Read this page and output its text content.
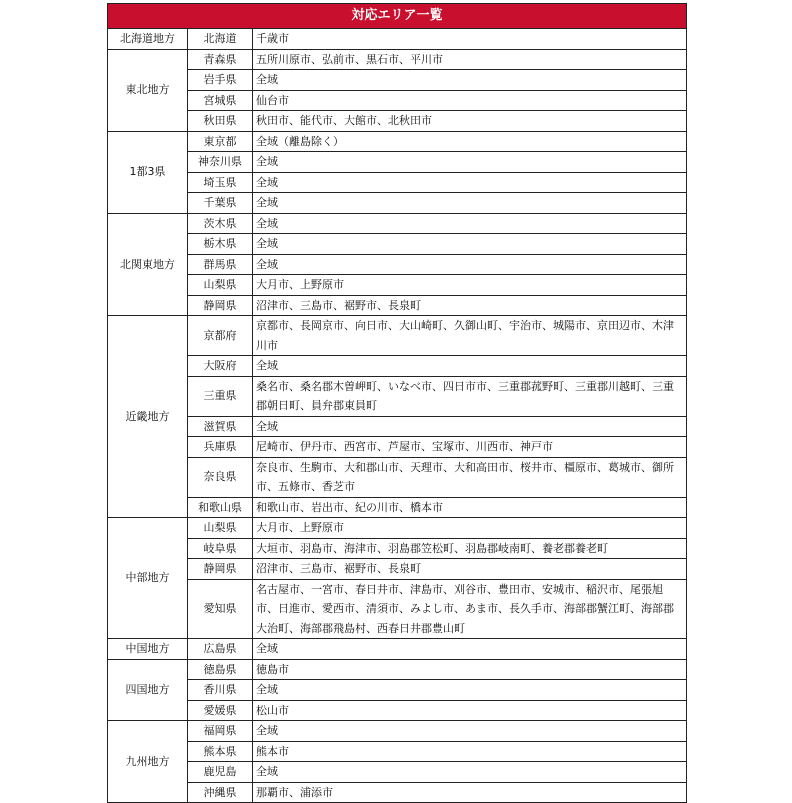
対応エリア一覧		
北海道地方	北海道	千歳市
東北地方	青森県	五所川原市、弘前市、黒石市、平川市
	岩手県	全域
	宮城県	仙台市
	秋田県	秋田市、能代市、大館市、北秋田市
1都3県	東京都	全域（離島除く）
	神奈川県	全域
	埼玉県	全域
	千葉県	全域
北関東地方	茨木県	全域
	栃木県	全域
	群馬県	全域
	山梨県	大月市、上野原市
	静岡県	沼津市、三島市、裾野市、長泉町
近畿地方	京都府	京都市、長岡京市、向日市、大山崎町、久御山町、宇治市、城陽市、京田辺市、木津川市
	大阪府	全域
	三重県	桑名市、桑名郡木曽岬町、いなべ市、四日市市、三重郡菰野町、三重郡川越町、三重郡朝日町、員弁郡東員町
	滋賀県	全域
	兵庫県	尼崎市、伊丹市、西宮市、芦屋市、宝塚市、川西市、神戸市
	奈良県	奈良市、生駒市、大和郡山市、天理市、大和高田市、桜井市、橿原市、葛城市、御所市、五條市、香芝市
	和歌山県	和歌山市、岩出市、紀の川市、橋本市
中部地方	山梨県	大月市、上野原市
	岐阜県	大垣市、羽島市、海津市、羽島郡笠松町、羽島郡岐南町、養老郡養老町
	静岡県	沼津市、三島市、裾野市、長泉町
	愛知県	名古屋市、一宮市、春日井市、津島市、刈谷市、豊田市、安城市、稲沢市、尾張旭市、日進市、愛西市、清須市、みよし市、あま市、長久手市、海部郡蟹江町、海部郡大治町、海部郡飛島村、西春日井郡豊山町
中国地方	広島県	全域
四国地方	徳島県	徳島市
	香川県	全域
	愛媛県	松山市
九州地方	福岡県	全域
	熊本県	熊本市
	鹿児島	全域
	沖縄県	那覇市、浦添市
